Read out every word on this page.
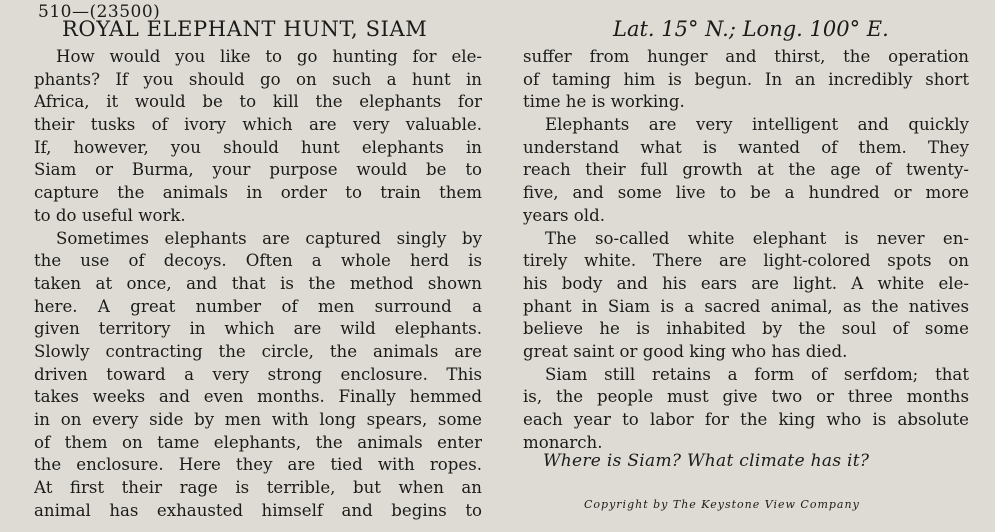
510—(23500)
ROYAL ELEPHANT HUNT, SIAM	Lat. 15° N.; Long. 100° E.
How would you like to go hunting for ele-
phants? If you should go on such a hunt in
Africa, it would be to kill the elephants for
their tusks of ivory which are very valuable.
If, however, you should hunt elephants in
Siam or Burma, your purpose would be to
capture the animals in order to train them
to do useful work.
Sometimes elephants are captured singly by
the use of decoys. Often a whole herd is
taken at once, and that is the method shown
here. A great number of men surround a
given territory in which are wild elephants.
Slowly contracting the circle, the animals are
driven toward a very strong enclosure. This
takes weeks and even months. Finally hemmed
in on every side by men with long spears, some
of them on tame elephants, the animals enter
the enclosure. Here they are tied with ropes.
At first their rage is terrible, but when an
animal has exhausted himself and begins to
suffer from hunger and thirst, the operation
of taming him is begun. In an incredibly short
time he is working.
Elephants are very intelligent and quickly
understand what is wanted of them. They
reach their full growth at the age of twenty-
five, and some live to be a hundred or more
years old.
The so-called white elephant is never en-
tirely white. There are light-colored spots on
his body and his ears are light. A white ele-
phant in Siam is a sacred animal, as the natives
believe he is inhabited by the soul of some
great saint or good king who has died.
Siam still retains a form of serfdom; that
is, the people must give two or three months
each year to labor for the king who is absolute
monarch.
Where is Siam? What climate has it?
Copyright by The Keystone View Company
